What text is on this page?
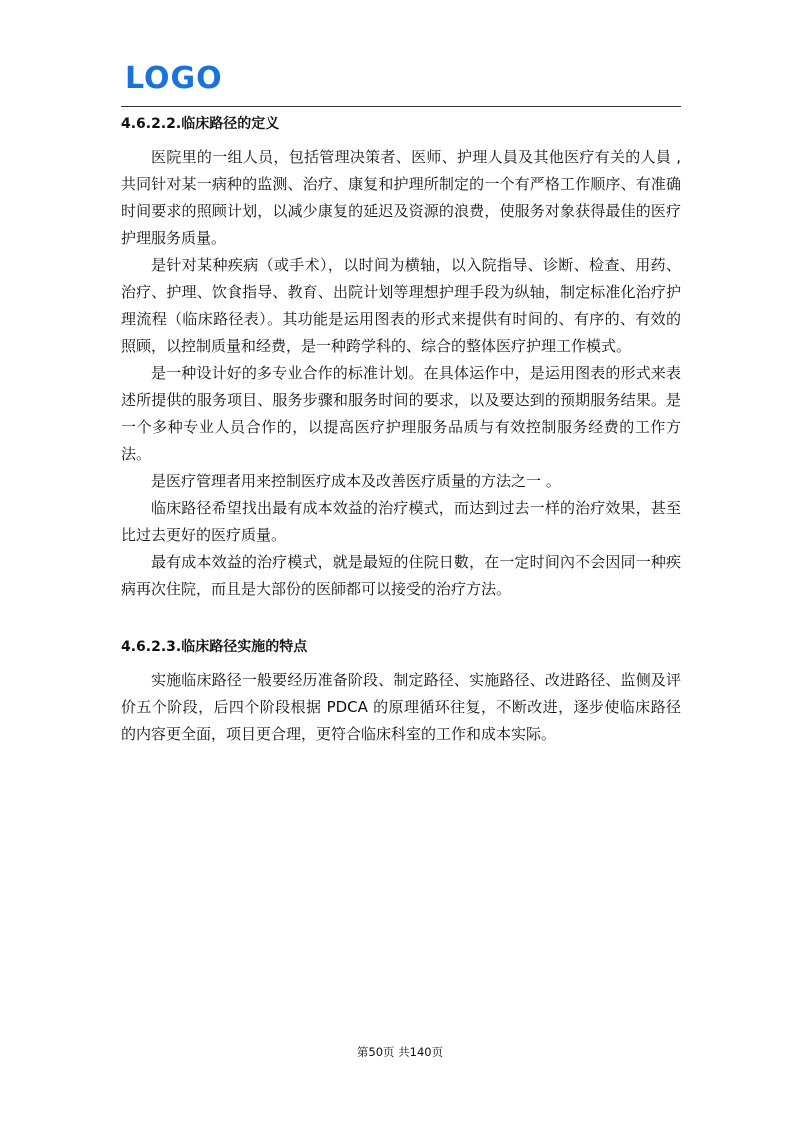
LOGO
4.6.2.2.临床路径的定义

医院里的一组人员，包括管理决策者、医师、护理人員及其他医疗有关的人員 ,共同针对某一病种的监测、治疗、康复和护理所制定的一个有严格工作顺序、有准确时间要求的照顾计划，以减少康复的延迟及资源的浪费，使服务对象获得最佳的医疗护理服务质量。

是针对某种疾病（或手术），以时间为横轴，以入院指导、诊断、检查、用药、治疗、护理、饮食指导、教育、出院计划等理想护理手段为纵轴，制定标准化治疗护理流程（临床路径表）。其功能是运用图表的形式来提供有时间的、有序的、有效的照顾，以控制质量和经费，是一种跨学科的、综合的整体医疗护理工作模式。

是一种设计好的多专业合作的标准计划。在具体运作中，是运用图表的形式来表述所提供的服务项目、服务步骤和服务时间的要求，以及要达到的预期服务结果。是一个多种专业人员合作的，以提高医疗护理服务品质与有效控制服务经费的工作方法。

是医疗管理者用来控制医疗成本及改善医疗质量的方法之一 。

临床路径希望找出最有成本效益的治疗模式，而达到过去一样的治疗效果，甚至比过去更好的医疗质量。

最有成本效益的治疗模式，就是最短的住院日數，在一定时间內不会因同一种疾病再次住院，而且是大部份的医師都可以接受的治疗方法。

4.6.2.3.临床路径实施的特点

实施临床路径一般要经历准备阶段、制定路径、实施路径、改进路径、监侧及评价五个阶段，后四个阶段根据 PDCA 的原理循环往复，不断改进，逐步使临床路径的内容更全面，项目更合理，更符合临床科室的工作和成本实际。

第50页 共140页
